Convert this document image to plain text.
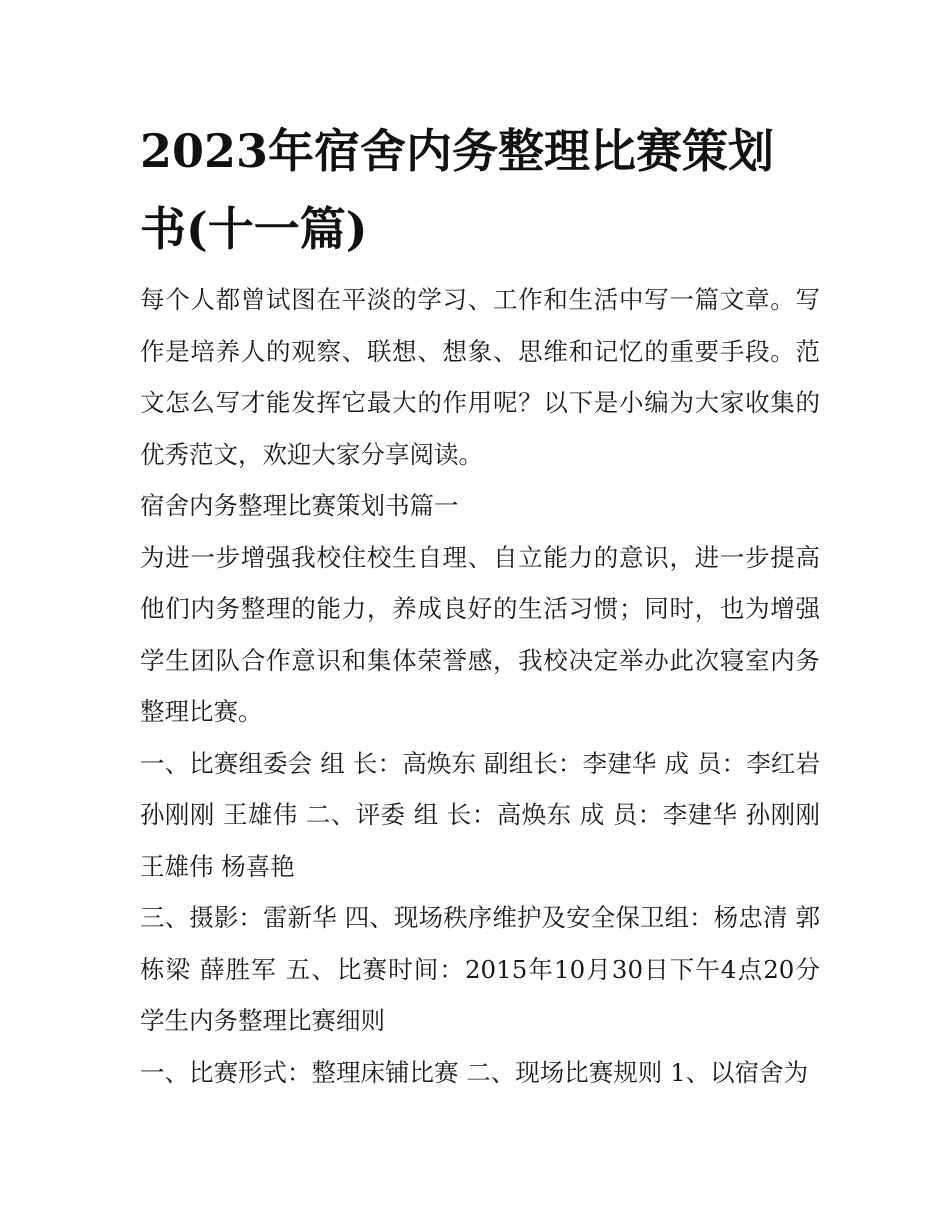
2023年宿舍内务整理比赛策划书(十一篇)

每个人都曾试图在平淡的学习、工作和生活中写一篇文章。写作是培养人的观察、联想、想象、思维和记忆的重要手段。范文怎么写才能发挥它最大的作用呢？以下是小编为大家收集的优秀范文，欢迎大家分享阅读。

宿舍内务整理比赛策划书篇一

为进一步增强我校住校生自理、自立能力的意识，进一步提高他们内务整理的能力，养成良好的生活习惯；同时，也为增强学生团队合作意识和集体荣誉感，我校决定举办此次寝室内务整理比赛。

一、比赛组委会 组 长：高焕东 副组长：李建华 成 员：李红岩 孙刚刚 王雄伟 二、评委 组 长：高焕东 成 员：李建华 孙刚刚 王雄伟 杨喜艳

三、摄影：雷新华 四、现场秩序维护及安全保卫组：杨忠清 郭栋梁 薛胜军 五、比赛时间：2015年10月30日下午4点20分 学生内务整理比赛细则

一、比赛形式：整理床铺比赛 二、现场比赛规则 1、以宿舍为
